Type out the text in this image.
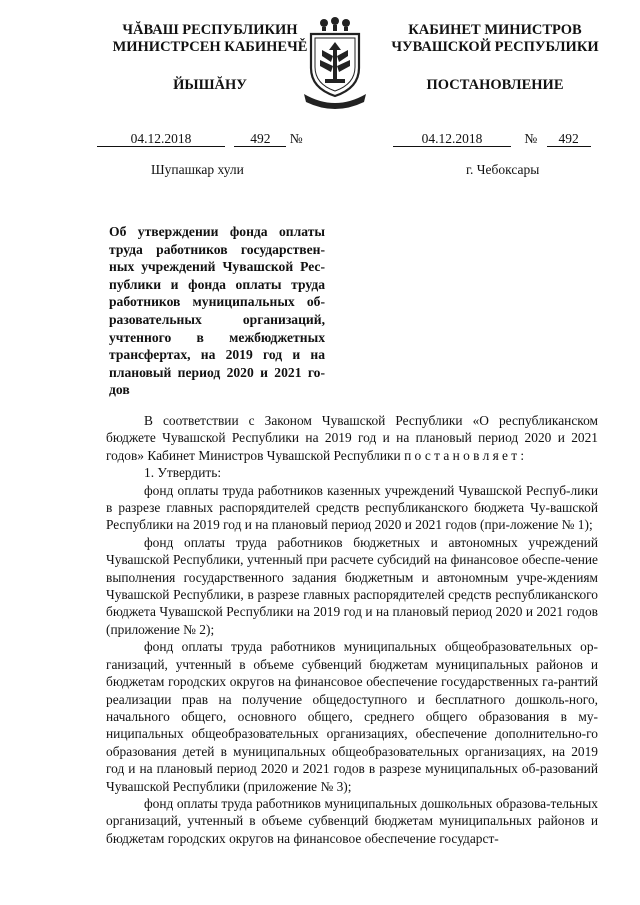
ЧĂВАШ РЕСПУБЛИКИН
МИНИСТРСЕН КАБИНЕЧĚ
ЙЫШĂНУ
КАБИНЕТ МИНИСТРОВ
ЧУВАШСКОЙ РЕСПУБЛИКИ
ПОСТАНОВЛЕНИЕ
04.12.2018	492 №	04.12.2018	№ 492
Шупашкар хули	г. Чебоксары
Об утверждении фонда оплаты труда работников государствен-ных учреждений Чувашской Рес-публики и фонда оплаты труда работников муниципальных об-разовательных организаций, учтенного в межбюджетных трансфертах, на 2019 год и на плановый период 2020 и 2021 го-дов

В соответствии с Законом Чувашской Республики «О республиканском бюджете Чувашской Республики на 2019 год и на плановый период 2020 и 2021 годов» Кабинет Министров Чувашской Республики постановляет:

1. Утвердить:

фонд оплаты труда работников казенных учреждений Чувашской Респуб-лики в разрезе главных распорядителей средств республиканского бюджета Чу-вашской Республики на 2019 год и на плановый период 2020 и 2021 годов (при-ложение № 1);

фонд оплаты труда работников бюджетных и автономных учреждений Чувашской Республики, учтенный при расчете субсидий на финансовое обеспе-чение выполнения государственного задания бюджетным и автономным учре-ждениям Чувашской Республики, в разрезе главных распорядителей средств республиканского бюджета Чувашской Республики на 2019 год и на плановый период 2020 и 2021 годов (приложение № 2);

фонд оплаты труда работников муниципальных общеобразовательных ор-ганизаций, учтенный в объеме субвенций бюджетам муниципальных районов и бюджетам городских округов на финансовое обеспечение государственных га-рантий реализации прав на получение общедоступного и бесплатного дошколь-ного, начального общего, основного общего, среднего общего образования в му-ниципальных общеобразовательных организациях, обеспечение дополнительно-го образования детей в муниципальных общеобразовательных организациях, на 2019 год и на плановый период 2020 и 2021 годов в разрезе муниципальных об-разований Чувашской Республики (приложение № 3);

фонд оплаты труда работников муниципальных дошкольных образова-тельных организаций, учтенный в объеме субвенций бюджетам муниципальных районов и бюджетам городских округов на финансовое обеспечение государст-
